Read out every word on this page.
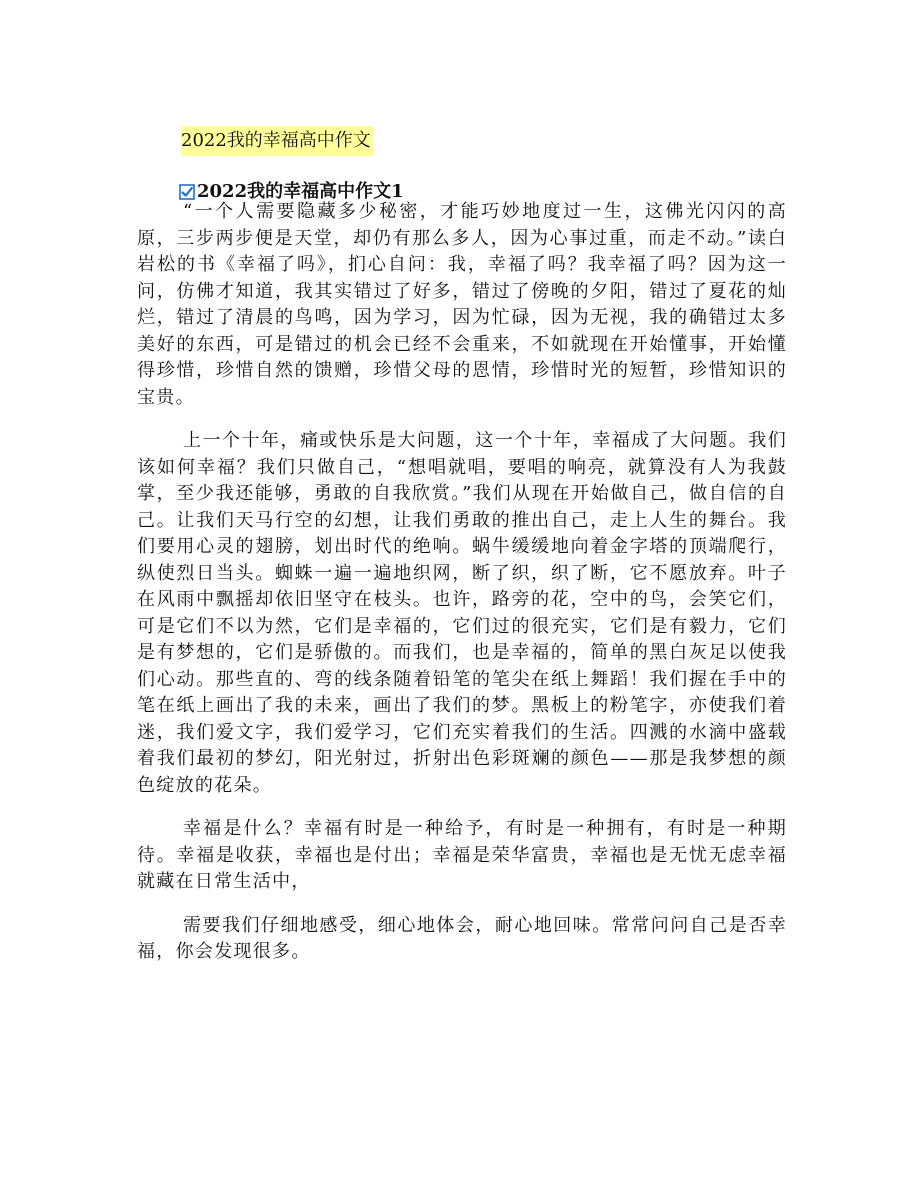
2022我的幸福高中作文
2022我的幸福高中作文1

“一个人需要隐藏多少秘密，才能巧妙地度过一生，这佛光闪闪的高原，三步两步便是天堂，却仍有那么多人，因为心事过重，而走不动。”读白岩松的书《幸福了吗》，扪心自问：我，幸福了吗？我幸福了吗？因为这一问，仿佛才知道，我其实错过了好多，错过了傍晚的夕阳，错过了夏花的灿烂，错过了清晨的鸟鸣，因为学习，因为忙碌，因为无视，我的确错过太多美好的东西，可是错过的机会已经不会重来，不如就现在开始懂事，开始懂得珍惜，珍惜自然的馈赠，珍惜父母的恩情，珍惜时光的短暂，珍惜知识的宝贵。

上一个十年，痛或快乐是大问题，这一个十年，幸福成了大问题。我们该如何幸福？我们只做自己，“想唱就唱，要唱的响亮，就算没有人为我鼓掌，至少我还能够，勇敢的自我欣赏。”我们从现在开始做自己，做自信的自己。让我们天马行空的幻想，让我们勇敢的推出自己，走上人生的舞台。我们要用心灵的翅膀，划出时代的绝响。蜗牛缓缓地向着金字塔的顶端爬行，纵使烈日当头。蜘蛛一遍一遍地织网，断了织，织了断，它不愿放弃。叶子在风雨中飘摇却依旧坚守在枝头。也许，路旁的花，空中的鸟，会笑它们，可是它们不以为然，它们是幸福的，它们过的很充实，它们是有毅力，它们是有梦想的，它们是骄傲的。而我们，也是幸福的，简单的黑白灰足以使我们心动。那些直的、弯的线条随着铅笔的笔尖在纸上舞蹈！我们握在手中的笔在纸上画出了我的未来，画出了我们的梦。黑板上的粉笔字，亦使我们着迷，我们爱文字，我们爱学习，它们充实着我们的生活。四溅的水滴中盛载着我们最初的梦幻，阳光射过，折射出色彩斑斓的颜色——那是我梦想的颜色绽放的花朵。

幸福是什么？幸福有时是一种给予，有时是一种拥有，有时是一种期待。幸福是收获，幸福也是付出；幸福是荣华富贵，幸福也是无忧无虑幸福就藏在日常生活中，

需要我们仔细地感受，细心地体会，耐心地回味。常常问问自己是否幸福，你会发现很多。
